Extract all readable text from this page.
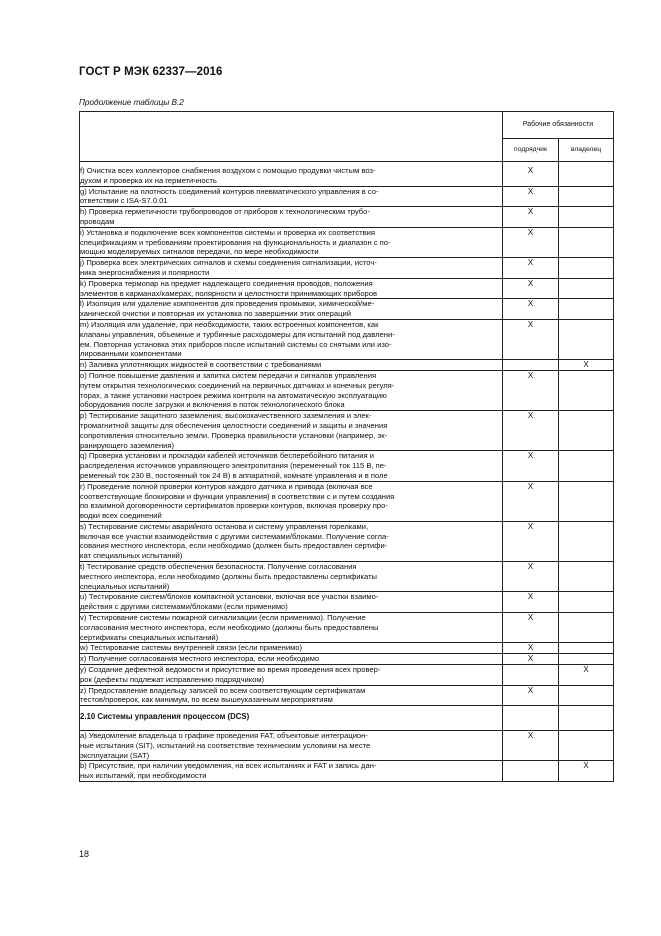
ГОСТ Р МЭК 62337—2016
Продолжение таблицы В.2
	Рабочие обязанности	
	подрядчик	владелец

f) Очистка всех коллекторов снабжения воздухом с помощью продувки чистым воз-
духом и проверка их на герметичность	X	

g) Испытание на плотность соединений контуров пневматического управления в со-
ответствии с ISA-S7.0.01	X	

h) Проверка герметичности трубопроводов от приборов к технологическим трубо-
проводам	X	

i) Установка и подключение всех компонентов системы и проверка их соответствия
спецификациям и требованиям проектирования на функциональность и диапазон с по-
мощью моделируемых сигналов передачи, по мере необходимости	X	

j) Проверка всех электрических сигналов и схемы соединения сигнализации, источ-
ника энергоснабжения и полярности	X	

k) Проверка термопар на предмет надлежащего соединения проводов, положения
элементов в карманах/камерах, полярности и целостности принимающих приборов	X	

l) Изоляция или удаление компонентов для проведения промывки, химической/ме-
ханической очистки и повторная их установка по завершении этих операций	X	

m) Изоляция или удаление, при необходимости, таких встроенных компонентов, как
клапаны управления, объемные и турбинные расходомеры для испытаний под давлени-
ем. Повторная установка этих приборов после испытаний системы со снятыми или изо-
лированными компонентами	X	

n) Заливка уплотняющих жидкостей в соответствии с требованиями		X

o) Полное повышение давления и запитка систем передачи и сигналов управления
путем открытия технологических соединений на первичных датчиках и конечных регуля-
торах, а также установки настроек режима контроля на автоматическую эксплуатацию
оборудования после загрузки и включения в поток технологического блока	X	

p) Тестирование защитного заземления, высококачественного заземления и элек-
тромагнитной защиты для обеспечения целостности соединений и защиты и значения
сопротивления относительно земли. Проверка правильности установки (например, эк-
ранирующего заземления)	X	

q) Проверка установки и прокладки кабелей источников бесперебойного питания и
распределения источников управляющего электропитания (переменный ток 115 В, пе-
ременный ток 230 В, постоянный ток 24 В) в аппаратной, комнате управления и в поле	X	

r) Проведение полной проверки контуров каждого датчика и привода (включая все
соответствующие блокировки и функции управления) в соответствии с и путем создания
по взаимной договоренности сертификатов проверки контуров, включая проверку про-
водки всех соединений	X	

s) Тестирование системы аварийного останова и систему управления горелками,
включая все участки взаимодействия с другими системами/блоками. Получение согла-
сования местного инспектора, если необходимо (должен быть предоставлен сертифи-
кат специальных испытаний)	X	

t) Тестирование средств обеспечения безопасности. Получение согласования
местного инспектора, если необходимо (должны быть предоставлены сертификаты
специальных испытаний)	X	

u) Тестирование систем/блоков компактной установки, включая все участки взаимо-
действия с другими системами/блоками (если применимо)	X	

v) Тестирование системы пожарной сигнализации (если применимо). Получение
согласования местного инспектора, если необходимо (должны быть предоставлены
сертификаты специальных испытаний)	X	

w) Тестирование системы внутренней связи (если применимо)	X	

x) Получение согласования местного инспектора, если необходимо	X	

y) Создание дефектной ведомости и присутствие во время проведения всех провер-
рок (дефекты подлежат исправлению подрядчиком)		X

z) Предоставление владельцу записей по всем соответствующим сертификатам
тестов/проверок, как минимум, по всем вышеуказанным мероприятиям	X	

2.10 Системы управления процессом (DCS)		

a) Уведомление владельца о графике проведения FAT, объектовые интеграцион-
ные испытания (SIT), испытаний на соответствие техническим условиям на месте
эксплуатации (SAT)	X	

b) Присутствие, при наличии уведомления, на всех испытаниях и FAT и запись дан-
ных испытаний, при необходимости		X
18
